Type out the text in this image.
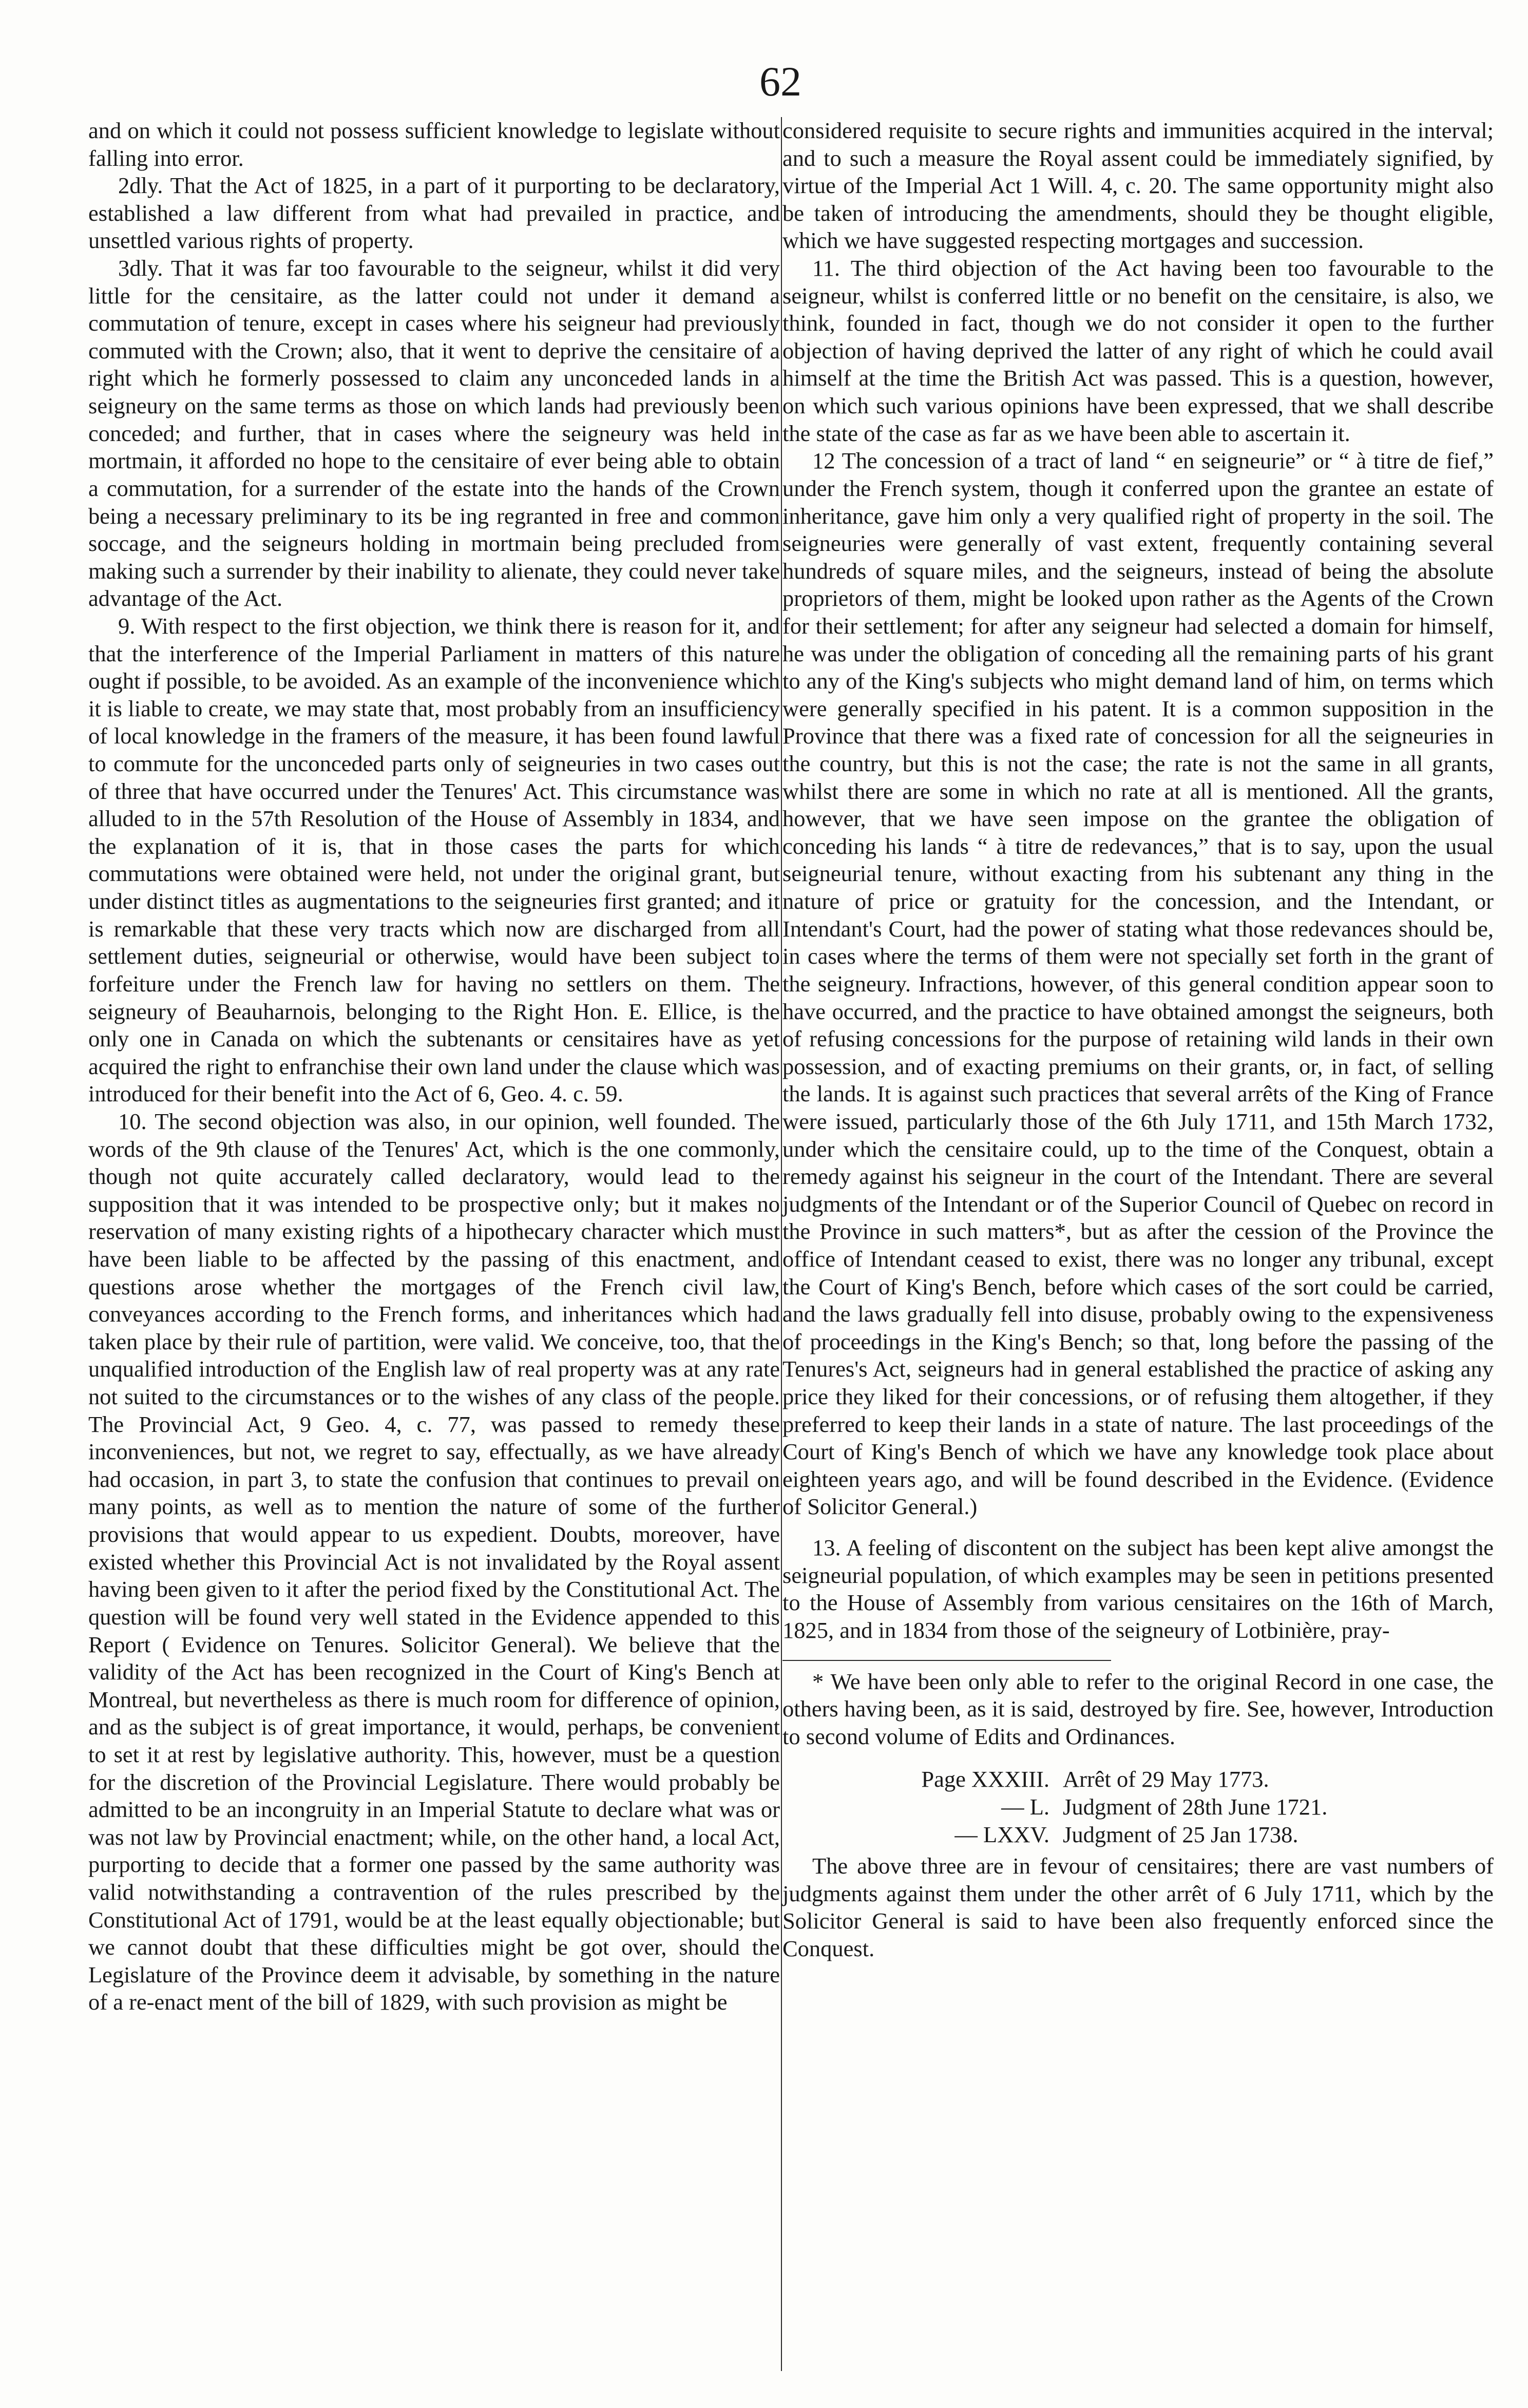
62

and on which it could not possess sufficient knowledge to legislate without falling into error.

2dly. That the Act of 1825, in a part of it purporting to be declaratory, established a law different from what had prevailed in practice, and unsettled various rights of property.

3dly. That it was far too favourable to the seigneur, whilst it did very little for the censitaire, as the latter could not under it demand a commutation of tenure, except in cases where his seigneur had previously commuted with the Crown; also, that it went to deprive the censitaire of a right which he formerly possessed to claim any unconceded lands in a seigneury on the same terms as those on which lands had previously been conceded; and further, that in cases where the seigneury was held in mortmain, it afforded no hope to the censitaire of ever being able to obtain a commutation, for a surrender of the estate into the hands of the Crown being a necessary preliminary to its be ing regranted in free and common soccage, and the seigneurs holding in mortmain being precluded from making such a surrender by their inability to alienate, they could never take advantage of the Act.

9. With respect to the first objection, we think there is reason for it, and that the interference of the Imperial Parliament in matters of this nature ought if possible, to be avoided. As an example of the inconvenience which it is liable to create, we may state that, most probably from an insufficiency of local knowledge in the framers of the measure, it has been found lawful to commute for the unconceded parts only of seigneuries in two cases out of three that have occurred under the Tenures' Act. This circumstance was alluded to in the 57th Resolution of the House of Assembly in 1834, and the explanation of it is, that in those cases the parts for which commutations were obtained were held, not under the original grant, but under distinct titles as augmentations to the seigneuries first granted; and it is remarkable that these very tracts which now are discharged from all settlement duties, seigneurial or otherwise, would have been subject to forfeiture under the French law for having no settlers on them. The seigneury of Beauharnois, belonging to the Right Hon. E. Ellice, is the only one in Canada on which the subtenants or censitaires have as yet acquired the right to enfranchise their own land under the clause which was introduced for their benefit into the Act of 6, Geo. 4. c. 59.

10. The second objection was also, in our opinion, well founded. The words of the 9th clause of the Tenures' Act, which is the one commonly, though not quite accurately called declaratory, would lead to the supposition that it was intended to be prospective only; but it makes no reservation of many existing rights of a hipothecary character which must have been liable to be affected by the passing of this enactment, and questions arose whether the mortgages of the French civil law, conveyances according to the French forms, and inheritances which had taken place by their rule of partition, were valid. We conceive, too, that the unqualified introduction of the English law of real property was at any rate not suited to the circumstances or to the wishes of any class of the people. The Provincial Act, 9 Geo. 4, c. 77, was passed to remedy these inconveniences, but not, we regret to say, effectually, as we have already had occasion, in part 3, to state the confusion that continues to prevail on many points, as well as to mention the nature of some of the further provisions that would appear to us expedient. Doubts, moreover, have existed whether this Provincial Act is not invalidated by the Royal assent having been given to it after the period fixed by the Constitutional Act. The question will be found very well stated in the Evidence appended to this Report ( Evidence on Tenures. Solicitor General). We believe that the validity of the Act has been recognized in the Court of King's Bench at Montreal, but nevertheless as there is much room for difference of opinion, and as the subject is of great importance, it would, perhaps, be convenient to set it at rest by legislative authority. This, however, must be a question for the discretion of the Provincial Legislature. There would probably be admitted to be an incongruity in an Imperial Statute to declare what was or was not law by Provincial enactment; while, on the other hand, a local Act, purporting to decide that a former one passed by the same authority was valid notwithstanding a contravention of the rules prescribed by the Constitutional Act of 1791, would be at the least equally objectionable; but we cannot doubt that these difficulties might be got over, should the Legislature of the Province deem it advisable, by something in the nature of a re-enact ment of the bill of 1829, with such provision as might be

considered requisite to secure rights and immunities acquired in the interval; and to such a measure the Royal assent could be immediately signified, by virtue of the Imperial Act 1 Will. 4, c. 20. The same opportunity might also be taken of introducing the amendments, should they be thought eligible, which we have suggested respecting mortgages and succession.

11. The third objection of the Act having been too favourable to the seigneur, whilst is conferred little or no benefit on the censitaire, is also, we think, founded in fact, though we do not consider it open to the further objection of having deprived the latter of any right of which he could avail himself at the time the British Act was passed. This is a question, however, on which such various opinions have been expressed, that we shall describe the state of the case as far as we have been able to ascertain it.

12 The concession of a tract of land “ en seigneurie” or “ à titre de fief,” under the French system, though it conferred upon the grantee an estate of inheritance, gave him only a very qualified right of property in the soil. The seigneuries were generally of vast extent, frequently containing several hundreds of square miles, and the seigneurs, instead of being the absolute proprietors of them, might be looked upon rather as the Agents of the Crown for their settlement; for after any seigneur had selected a domain for himself, he was under the obligation of conceding all the remaining parts of his grant to any of the King's subjects who might demand land of him, on terms which were generally specified in his patent. It is a common supposition in the Province that there was a fixed rate of concession for all the seigneuries in the country, but this is not the case; the rate is not the same in all grants, whilst there are some in which no rate at all is mentioned. All the grants, however, that we have seen impose on the grantee the obligation of conceding his lands “ à titre de redevances,” that is to say, upon the usual seigneurial tenure, without exacting from his subtenant any thing in the nature of price or gratuity for the concession, and the Intendant, or Intendant's Court, had the power of stating what those redevances should be, in cases where the terms of them were not specially set forth in the grant of the seigneury. Infractions, however, of this general condition appear soon to have occurred, and the practice to have obtained amongst the seigneurs, both of refusing concessions for the purpose of retaining wild lands in their own possession, and of exacting premiums on their grants, or, in fact, of selling the lands. It is against such practices that several arrêts of the King of France were issued, particularly those of the 6th July 1711, and 15th March 1732, under which the censitaire could, up to the time of the Conquest, obtain a remedy against his seigneur in the court of the Intendant. There are several judgments of the Intendant or of the Superior Council of Quebec on record in the Province in such matters*, but as after the cession of the Province the office of Intendant ceased to exist, there was no longer any tribunal, except the Court of King's Bench, before which cases of the sort could be carried, and the laws gradually fell into disuse, probably owing to the expensiveness of proceedings in the King's Bench; so that, long before the passing of the Tenures's Act, seigneurs had in general established the practice of asking any price they liked for their concessions, or of refusing them altogether, if they preferred to keep their lands in a state of nature. The last proceedings of the Court of King's Bench of which we have any knowledge took place about eighteen years ago, and will be found described in the Evidence. (Evidence of Solicitor General.)

13. A feeling of discontent on the subject has been kept alive amongst the seigneurial population, of which examples may be seen in petitions presented to the House of Assembly from various censitaires on the 16th of March, 1825, and in 1834 from those of the seigneury of Lotbinière, pray-

* We have been only able to refer to the original Record in one case, the others having been, as it is said, destroyed by fire. See, however, Introduction to second volume of Edits and Ordinances.

Page XXXIII. Arrêt of 29 May 1773.
— L. Judgment of 28th June 1721.
— LXXV. Judgment of 25 Jan 1738.

The above three are in fevour of censitaires; there are vast numbers of judgments against them under the other arrêt of 6 July 1711, which by the Solicitor General is said to have been also frequently enforced since the Conquest.
